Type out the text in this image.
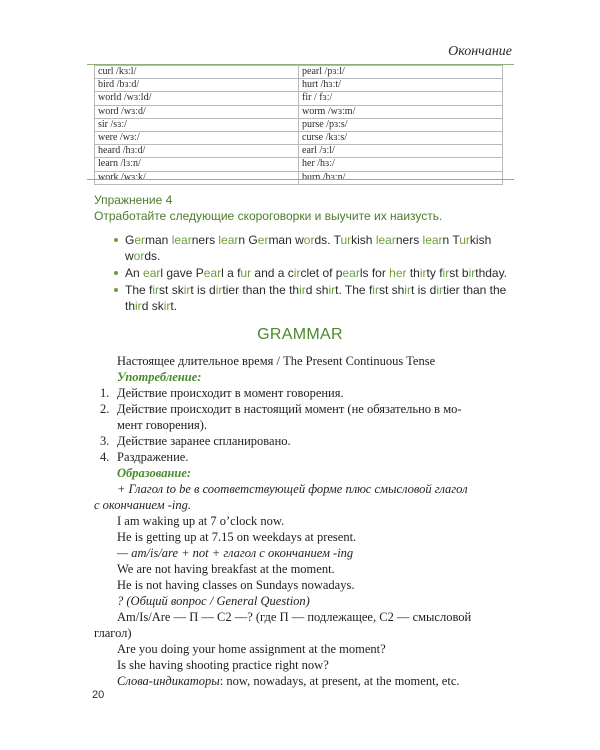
Окончание
curl /kɜːl/	pearl /pɜːl/
bird /bɜːd/	hurt /hɜːt/
world /wɜːld/	fir / fɜː/
word /wɜːd/	worm /wɜːm/
sir /sɜː/	purse /pɜːs/
were /wɜː/	curse /kɜːs/
heard /hɜːd/	earl /ɜːl/
learn /lɜːn/	her /hɜː/
work /wɜːk/	burn /bɜːn/
Упражнение 4
Отработайте следующие скороговорки и выучите их наизусть.
German learners learn German words. Turkish learners learn Turkish words.
An earl gave Pearl a fur and a circlet of pearls for her thirty first birthday.
The first skirt is dirtier than the third shirt. The first shirt is dirtier than the third skirt.
GRAMMAR
Настоящее длительное время / The Present Continuous Tense
Употребление:
1. Действие происходит в момент говорения.
2. Действие происходит в настоящий момент (не обязательно в мо-
мент говорения).
3. Действие заранее спланировано.
4. Раздражение.
Образование:
+ Глагол to be в соответствующей форме плюс смысловой глагол
с окончанием -ing.
I am waking up at 7 o’clock now.
He is getting up at 7.15 on weekdays at present.
— am/is/are + not + глагол с окончанием -ing
We are not having breakfast at the moment.
He is not having classes on Sundays nowadays.
? (Общий вопрос / General Question)
Am/Is/Are — П — С2 —? (где П — подлежащее, С2 — смысловой
глагол)
Are you doing your home assignment at the moment?
Is she having shooting practice right now?
Слова-индикаторы: now, nowadays, at present, at the moment, etc.
20
